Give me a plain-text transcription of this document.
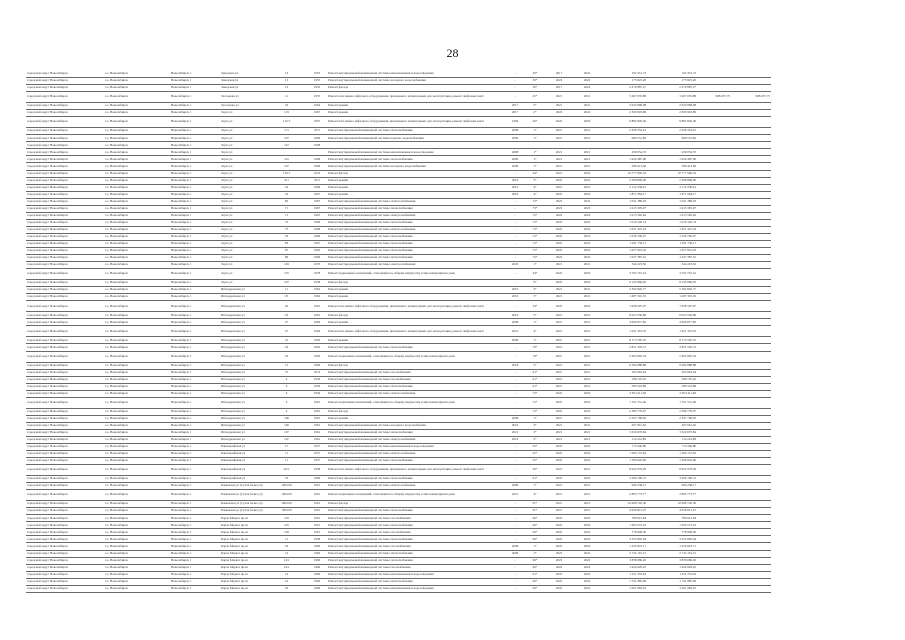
28
городской округ Новосибирск	г.о. Новосибирск	Новосибирск г	Заводская ул	13		1955	Ремонт внутридомовой инженерной системы канализования и водоотведения	-	30*	2017	2022	192 451,73	192 451,73		
городской округ Новосибирск	г.о. Новосибирск	Новосибирск г	Заводская ул	13		1955	Ремонт внутридомовой инженерной системы холодного водоснабжения	-	30*	2022	2022	175 825,20	175 825,20		
городской округ Новосибирск	г.о. Новосибирск	Новосибирск г	Заводская ул	13		1955	Ремонт фасада	-	30*	2017	2022	2 279 887,27	2 279 887,27		
городской округ Новосибирск	г.о. Новосибирск	Новосибирск г	Заслонова ул	11		1955	Ремонт или замена лифтового оборудования, признанного непригодным для эксплуатации, ремонт лифтовых шахт	-	25*	2021	2021	3 497 635,88	3 497 635,88	998 457,75	998 457,75
городской округ Новосибирск	г.о. Новосибирск	Новосибирск г	Заслонова ул	33		1964	Ремонт крыши	2017	5*	2021	2021	2 932 868,08	2 932 868,08		
городской округ Новосибирск	г.о. Новосибирск	Новосибирск г	Зорге ул	119		1967	Ремонт крыши	2017	2*	2022	2024	2 309 903,80	2 309 903,80		
городской округ Новосибирск	г.о. Новосибирск	Новосибирск г	Зорге ул	115/1		1967	Ремонт или замена лифтового оборудования, признанного непригодным для эксплуатации, ремонт лифтовых шахт	1996	26*	2022	2022	9 882 826,46	9 882 826,46		
городской округ Новосибирск	г.о. Новосибирск	Новосибирск г	Зорге ул	171		1971	Ремонт внутридомовой инженерной системы теплоснабжения	2008	1*	2021	2021	2 459 354,01	2 459 354,01		
городской округ Новосибирск	г.о. Новосибирск	Новосибирск г	Зорге ул	197		1969	Ремонт внутридомовой инженерной системы горячего водоснабжения	2009	1*	2021	2021	689 531,82	689 531,82		
городской округ Новосибирск	г.о. Новосибирск	Новосибирск г	Зорге ул	147		1968									
городской округ Новосибирск	г.о. Новосибирск	Новосибирск г	Зорге ул				Ремонт внутридомовой инженерной системы канализования и водоотведения	2008	1*	2021	2021	439 054,70	439 054,70		
городской округ Новосибирск	г.о. Новосибирск	Новосибирск г	Зорге ул	161		1968	Ремонт внутридомовой инженерной системы теплоснабжения	2009	1*	2021	2021	1 920 487,90	1 920 487,90		
городской округ Новосибирск	г.о. Новосибирск	Новосибирск г	Зорге ул	167		1968	Ремонт внутридомовой инженерной системы холодного водоснабжения	2009	1*	2021	2021	589 413,60	589 413,60		
городской округ Новосибирск	г.о. Новосибирск	Новосибирск г	Зорге ул	179/1		1974	Ремонт фасада	-	44*	2021	2022	16 777 966,32	16 777 966,32		
городской округ Новосибирск	г.о. Новосибирск	Новосибирск г	Зорге ул	211		1971	Ремонт крыши	2016	5*	2022	2022	2 308 899,00	2 308 899,00		
городской округ Новосибирск	г.о. Новосибирск	Новосибирск г	Зорге ул	24		1966	Ремонт крыши	2015	4*	2021	2021	2 112 236,61	2 112 236,61		
городской округ Новосибирск	г.о. Новосибирск	Новосибирск г	Зорге ул	43		1967	Ремонт крыши	2016	4*	2022	2022	1 871 084,17	1 871 084,17		
городской округ Новосибирск	г.о. Новосибирск	Новосибирск г	Зорге ул	85		1967	Ремонт внутридомовой инженерной системы электроснабжения	-	72*	2022	2022	1 041 389,03	1 041 389,03		
городской округ Новосибирск	г.о. Новосибирск	Новосибирск г	Зорге ул	71		1967	Ремонт внутридомовой инженерной системы теплоснабжения	-	73*	2022	2023	1 613 305,97	1 613 305,97		
городской округ Новосибирск	г.о. Новосибирск	Новосибирск г	Зорге ул	71		1967	Ремонт внутридомовой инженерной системы электроснабжения	-	72*	2022	2022	1 013 592,62	1 013 592,62		
городской округ Новосибирск	г.о. Новосибирск	Новосибирск г	Зорге ул	73		1968	Ремонт внутридомовой инженерной системы теплоснабжения	-	72*	2022	2022	1 010 120,74	1 010 120,74		
городской округ Новосибирск	г.о. Новосибирск	Новосибирск г	Зорге ул	73		1968	Ремонт внутридомовой инженерной системы электроснабжения	-	73*	2022	2022	1 051 347,24	1 051 347,24		
городской округ Новосибирск	г.о. Новосибирск	Новосибирск г	Зорге ул	79		1966	Ремонт внутридомовой инженерной системы теплоснабжения	-	72*	2022	2023	1 036 790,07	1 036 790,07		
городской округ Новосибирск	г.о. Новосибирск	Новосибирск г	Зорге ул	83		1967	Ремонт внутридомовой инженерной системы теплоснабжения	-	72*	2022	2022	1 031 750,11	1 031 750,11		
городской округ Новосибирск	г.о. Новосибирск	Новосибирск г	Зорге ул	97		1965	Ремонт внутридомовой инженерной системы теплоснабжения	-	72*	2022	2022	1 027 819,45	1 027 819,45		
городской округ Новосибирск	г.о. Новосибирск	Новосибирск г	Зорге ул	99		1966	Ремонт внутридомовой инженерной системы теплоснабжения	-	72*	2022	2023	1 027 387,01	1 027 387,01		
городской округ Новосибирск	г.о. Новосибирск	Новосибирск г	Зорге ул	129		1970	Ремонт внутридомовой инженерной системы электроснабжения	2020	1*	2021	2021	344 223,56	344 223,56		
городской округ Новосибирск	г.о. Новосибирск	Новосибирск г	Зорге ул	125		1978	Ремонт подвальных помещений, относящихся к общему имуществу в многоквартирном доме	-	34*	2022	2022	3 702 701,16	3 702 701,16		
городской округ Новосибирск	г.о. Новосибирск	Новосибирск г	Зорге ул	197		1958	Ремонт фасада	-	9*	2022	2022	9 145 866,95	9 145 866,95		
городской округ Новосибирск	г.о. Новосибирск	Новосибирск г	Ипподромская ул	11		1962	Ремонт крыши	2019	3*	2021	2021	5 392 845,77	5 392 845,77		
городской округ Новосибирск	г.о. Новосибирск	Новосибирск г	Ипподромская ул	25		1962	Ремонт крыши	2019	5*	2021	2021	1 487 319,35	1 487 319,35		
городской округ Новосибирск	г.о. Новосибирск	Новосибирск г	Ипподромская ул	26		1961	Ремонт или замена лифтового оборудования, признанного непригодным для эксплуатации, ремонт лифтовых шахт	-	34*	2022	2022	1 958 597,97	1 958 597,97		
городской округ Новосибирск	г.о. Новосибирск	Новосибирск г	Ипподромская ул	23		1961	Ремонт фасада	2019	5*	2021	2021	8 023 556,89	8 023 556,89		
городской округ Новосибирск	г.о. Новосибирск	Новосибирск г	Ипподромская ул	27		1964	Ремонт крыши	2008	1*	2021	2021	4 096 877,85	4 096 877,85		
городской округ Новосибирск	г.о. Новосибирск	Новосибирск г	Ипподромская ул	27		1964	Ремонт или замена лифтового оборудования, признанного непригодным для эксплуатации, ремонт лифтовых шахт	2021	4*	2021	2021	1 021 301,35	1 021 301,35		
городской округ Новосибирск	г.о. Новосибирск	Новосибирск г	Ипподромская ул	41		1962	Ремонт крыши	2008	1*	2021	2021	8 173 505,70	8 173 505,70		
городской округ Новосибирск	г.о. Новосибирск	Новосибирск г	Ипподромская ул	43		1962	Ремонт внутридомовой инженерной системы теплоснабжения	-	79*	2021	2021	2 831 505,72	2 831 505,72		
городской округ Новосибирск	г.о. Новосибирск	Новосибирск г	Ипподромская ул	43		1962	Ремонт подвальных помещений, относящихся к общему имуществу в многоквартирном доме	-	79*	2021	2021	2 463 995,34	2 463 995,34		
городской округ Новосибирск	г.о. Новосибирск	Новосибирск г	Ипподромская ул	15		1966	Ремонт фасада	2018	5*	2021	2021	9 584 888,88	9 584 888,88		
городской округ Новосибирск	г.о. Новосибирск	Новосибирск г	Ипподромская ул	37		1974	Ремонт внутридомовой инженерной системы газоснабжения	-	61*	2021	2021	395 063,64	395 063,64		
городской округ Новосибирск	г.о. Новосибирск	Новосибирск г	Ипподромская ул	4		1959	Ремонт внутридомовой инженерной системы газоснабжения	-	61*	2021	2021	598 725,45	598 725,45		
городской округ Новосибирск	г.о. Новосибирск	Новосибирск г	Ипподромская ул	4		1959	Ремонт внутридомовой инженерной системы теплоснабжения	-	61*	2021	2021	589 543,89	589 543,89		
городской округ Новосибирск	г.о. Новосибирск	Новосибирск г	Ипподромская ул	4		1959	Ремонт внутридомовой инженерной системы электроснабжения	-	72*	2022	2022	2 053 411,00	2 053 411,00		
городской округ Новосибирск	г.о. Новосибирск	Новосибирск г	Ипподромская ул	4		1961	Ремонт подвальных помещений, относящихся к общему имуществу в многоквартирном доме	-	72*	2022	2022	1 701 531,46	1 701 531,46		
городской округ Новосибирск	г.о. Новосибирск	Новосибирск г	Ипподромская ул	4		1961	Ремонт фасада	-	72*	2022	2022	2 380 779,07	2 380 779,07		
городской округ Новосибирск	г.о. Новосибирск	Новосибирск г	Ипподромская ул	166		1961	Ремонт крыши	2008	1*	2021	2021	2 347 768,05	2 347 768,05		
городской округ Новосибирск	г.о. Новосибирск	Новосибирск г	Ипподромская ул	166		1961	Ремонт внутридомовой инженерной системы холодного водоснабжения	2019	3*	2021	2021	207 061,62	207 061,62		
городской округ Новосибирск	г.о. Новосибирск	Новосибирск г	Ипподромская ул	167		1961	Ремонт внутридомовой инженерной системы теплоснабжения	2021	3*	2021	2021	3 320 670,84	3 320 670,84		
городской округ Новосибирск	г.о. Новосибирск	Новосибирск г	Ипподромская ул	167		1961	Ремонт внутридомовой инженерной системы электроснабжения	2019	5*	2021	2021	114 216,89	114 216,89		
городской округ Новосибирск	г.о. Новосибирск	Новосибирск г	Кавалерийская ул	17		1957	Ремонт внутридомовой инженерной системы канализования и водоотведения	-	25*	2022	2022	713 246,80	713 246,80		
городской округ Новосибирск	г.о. Новосибирск	Новосибирск г	Кавалерийская ул	11		1957	Ремонт внутридомовой инженерной системы электроснабжения	-	25*	2022	2022	1 300 172,92	1 300 172,92		
городской округ Новосибирск	г.о. Новосибирск	Новосибирск г	Кавалерийская ул	11		1957	Ремонт внутридомовой инженерной системы теплоснабжения	-	25*	2022	2022	1 396 645,60	1 396 645,60		
городской округ Новосибирск	г.о. Новосибирск	Новосибирск г	Кавалерийская ул	26/1		1958	Ремонт или замена лифтового оборудования, признанного непригодным для эксплуатации, ремонт лифтовых шахт	-	29*	2021	2021	8 022 979,29	8 022 979,29		
городской округ Новосибирск	г.о. Новосибирск	Новосибирск г	Кавалерийская ул	33		1960	Ремонт внутридомовой инженерной системы теплоснабжения	-	61*	2022	2022	3 299 106,72	3 299 106,72		
городской округ Новосибирск	г.о. Новосибирск	Новосибирск г	Каменская ул (Сухая балка ул)	100/100		1961	Ремонт внутридомовой инженерной системы электроснабжения	2008	1*	2021	2021	996 238,17	996 238,17		
городской округ Новосибирск	г.о. Новосибирск	Новосибирск г	Каменская ул (Сухая балка ул)	100/100		1961	Ремонт подвальных помещений, относящихся к общему имуществу в многоквартирном доме	2021	4*	2021	2021	2 895 773,77	2 895 773,77		
городской округ Новосибирск	г.о. Новосибирск	Новосибирск г	Каменская ул (Сухая балка ул)	100/100		1961	Ремонт фасада	-	67*	2021	2021	10 008 720,30	10 008 720,30		
городской округ Новосибирск	г.о. Новосибирск	Новосибирск г	Каменская ул (Сухая балка ул)	100/100		1961	Ремонт внутридомовой инженерной системы теплоснабжения	-	67*	2021	2021	4 636 813,47	4 636 813,47		
городской округ Новосибирск	г.о. Новосибирск	Новосибирск г	Карла Маркса пр-кт	145		1961	Ремонт внутридомовой инженерной системы газоснабжения	-	69*	2022	2022	780 915,84	780 915,84		
городской округ Новосибирск	г.о. Новосибирск	Новосибирск г	Карла Маркса пр-кт	145		1961	Ремонт внутридомовой инженерной системы теплоснабжения	-	69*	2022	2022	1 303 573,23	1 303 573,23		
городской округ Новосибирск	г.о. Новосибирск	Новосибирск г	Карла Маркса пр-кт	139		1961	Ремонт внутридомовой инженерной системы газоснабжения	-	69*	2022	2022	778 909,50	778 909,50		
городской округ Новосибирск	г.о. Новосибирск	Новосибирск г	Карла Маркса пр-кт	11		1958	Ремонт внутридомовой инженерной системы теплоснабжения	-	69*	2022	2022	3 352 895,04	3 352 895,04		
городской округ Новосибирск	г.о. Новосибирск	Новосибирск г	Карла Маркса пр-кт	18		1960	Ремонт внутридомовой инженерной системы газоснабжения	2008	1*	2022	2022	1 232 823,71	1 232 823,71		
городской округ Новосибирск	г.о. Новосибирск	Новосибирск г	Карла Маркса пр-кт	14		1960	Ремонт внутридомовой инженерной системы теплоснабжения	2008	1*	2022	2022	2 732 191,15	2 732 191,15		
городской округ Новосибирск	г.о. Новосибирск	Новосибирск г	Карла Маркса пр-кт	14/1		1960	Ремонт внутридомовой инженерной системы теплоснабжения	-	69*	2022	2022	3 838 686,26	3 838 686,26		
городской округ Новосибирск	г.о. Новосибирск	Новосибирск г	Карла Маркса пр-кт	14/1		1960	Ремонт внутридомовой инженерной системы газоснабжения	-	69*	2022	2022	1 626 929,25	1 626 929,25		
городской округ Новосибирск	г.о. Новосибирск	Новосибирск г	Карла Маркса пр-кт	14		1960	Ремонт внутридомовой инженерной системы канализования и водоотведения	-	61*	2022	2022	1 011 255,94	1 011 255,94		
городской округ Новосибирск	г.о. Новосибирск	Новосибирск г	Карла Маркса пр-кт	14		1960	Ремонт внутридомовой инженерной системы теплоснабжения	-	69*	2022	2022	1 741 885,99	1 741 885,99		
городской округ Новосибирск	г.о. Новосибирск	Новосибирск г	Карла Маркса пр-кт	16		1960	Ремонт внутридомовой инженерной системы канализования и водоотведения	-	69*	2022	2022	1 061 983,25	1 061 983,25		
